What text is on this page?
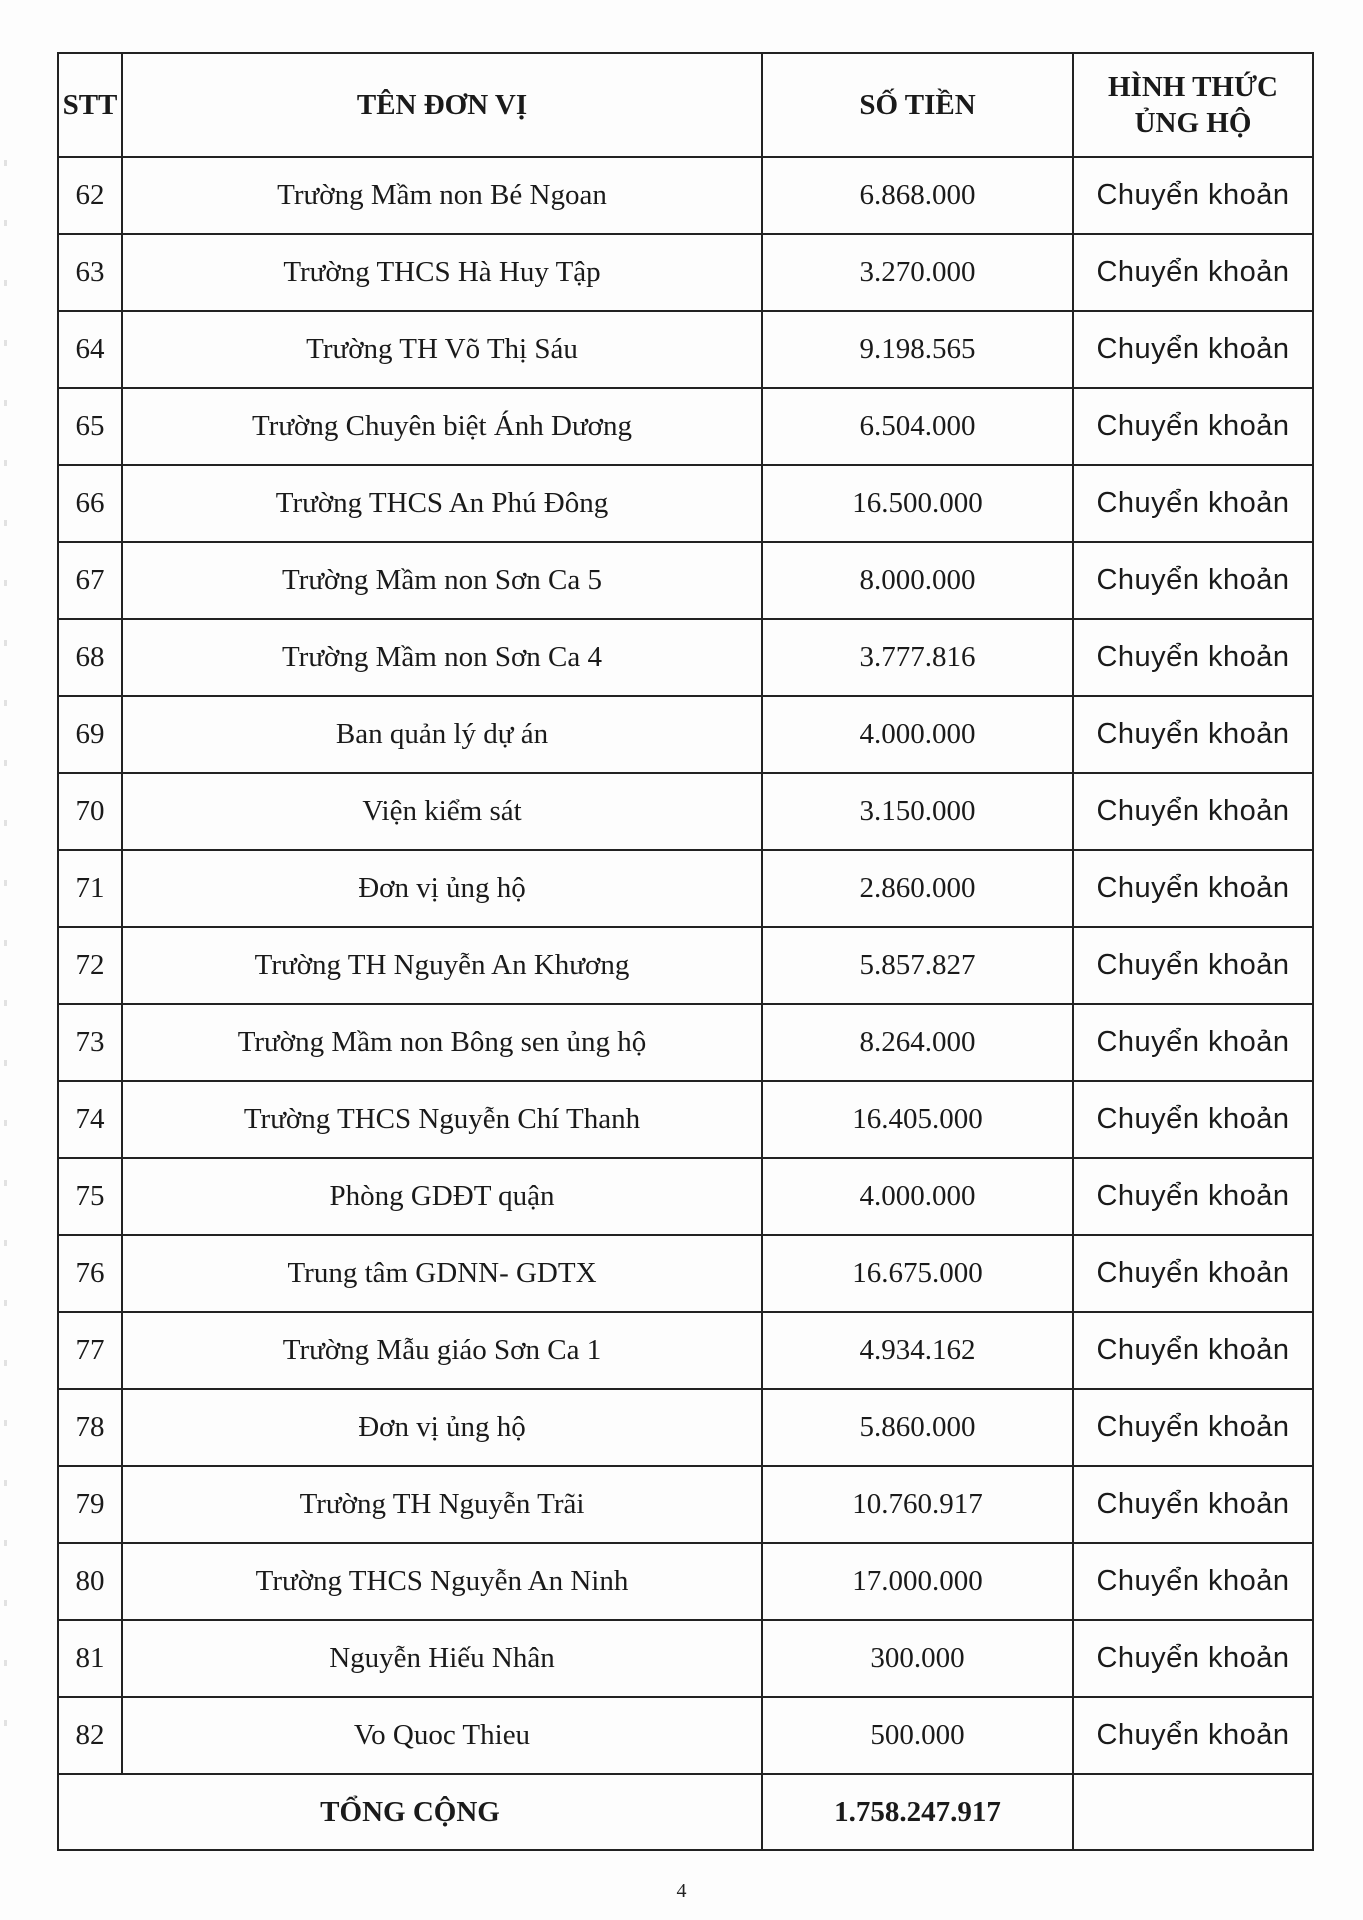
STT	TÊN ĐƠN VỊ	SỐ TIỀN	HÌNH THỨC ỦNG HỘ
62	Trường Mầm non Bé Ngoan	6.868.000	Chuyển khoản
63	Trường THCS Hà Huy Tập	3.270.000	Chuyển khoản
64	Trường TH Võ Thị Sáu	9.198.565	Chuyển khoản
65	Trường Chuyên biệt Ánh Dương	6.504.000	Chuyển khoản
66	Trường THCS An Phú Đông	16.500.000	Chuyển khoản
67	Trường Mầm non Sơn Ca 5	8.000.000	Chuyển khoản
68	Trường Mầm non Sơn Ca 4	3.777.816	Chuyển khoản
69	Ban quản lý dự án	4.000.000	Chuyển khoản
70	Viện kiểm sát	3.150.000	Chuyển khoản
71	Đơn vị ủng hộ	2.860.000	Chuyển khoản
72	Trường TH Nguyễn An Khương	5.857.827	Chuyển khoản
73	Trường Mầm non Bông sen ủng hộ	8.264.000	Chuyển khoản
74	Trường THCS Nguyễn Chí Thanh	16.405.000	Chuyển khoản
75	Phòng GDĐT quận	4.000.000	Chuyển khoản
76	Trung tâm GDNN- GDTX	16.675.000	Chuyển khoản
77	Trường Mẫu giáo Sơn Ca 1	4.934.162	Chuyển khoản
78	Đơn vị ủng hộ	5.860.000	Chuyển khoản
79	Trường TH Nguyễn Trãi	10.760.917	Chuyển khoản
80	Trường THCS Nguyễn An Ninh	17.000.000	Chuyển khoản
81	Nguyễn Hiếu Nhân	300.000	Chuyển khoản
82	Vo Quoc Thieu	500.000	Chuyển khoản
TỔNG CỘNG		1.758.247.917	
4
